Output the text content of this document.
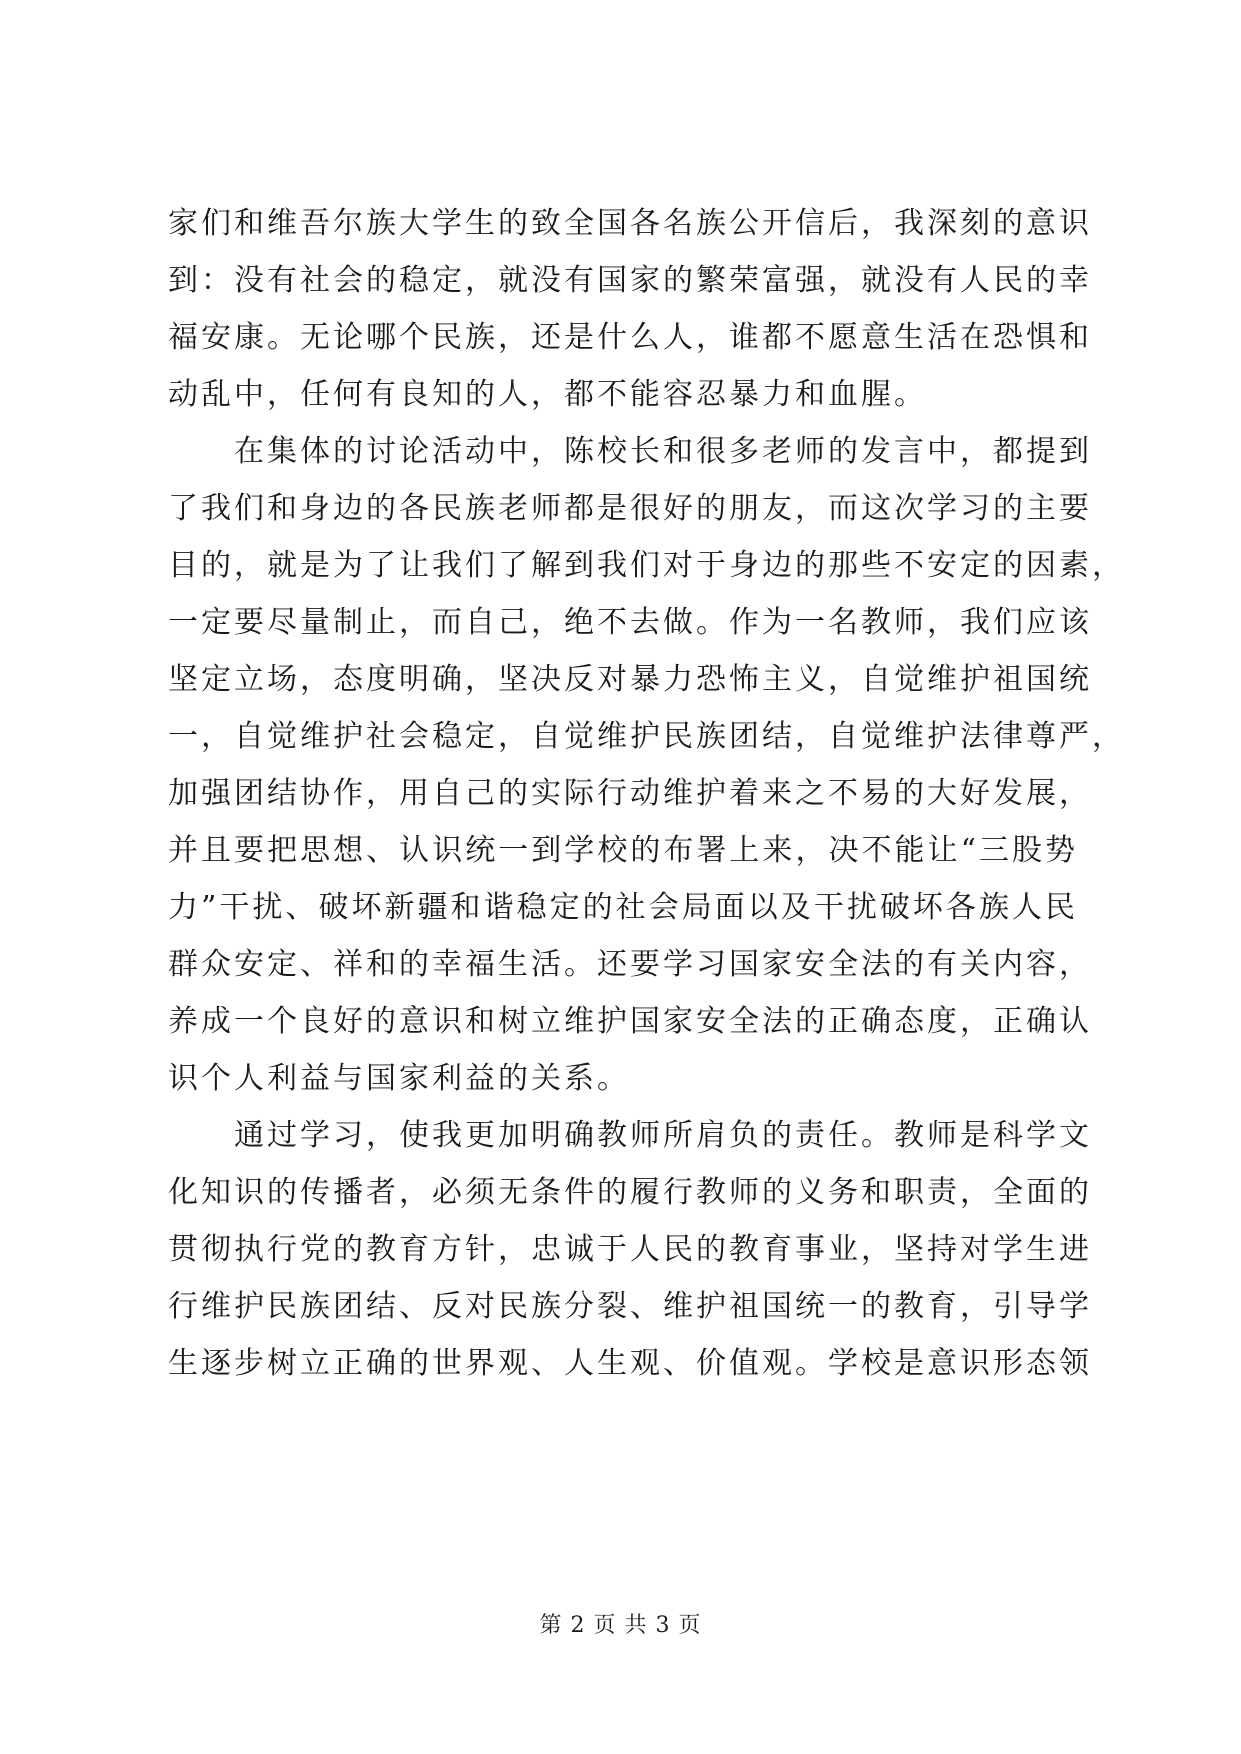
家们和维吾尔族大学生的致全国各名族公开信后，我深刻的意识
到：没有社会的稳定，就没有国家的繁荣富强，就没有人民的幸
福安康。无论哪个民族，还是什么人，谁都不愿意生活在恐惧和
动乱中，任何有良知的人，都不能容忍暴力和血腥。
　　在集体的讨论活动中，陈校长和很多老师的发言中，都提到
了我们和身边的各民族老师都是很好的朋友，而这次学习的主要
目的，就是为了让我们了解到我们对于身边的那些不安定的因素，
一定要尽量制止，而自己，绝不去做。作为一名教师，我们应该
坚定立场，态度明确，坚决反对暴力恐怖主义，自觉维护祖国统
一，自觉维护社会稳定，自觉维护民族团结，自觉维护法律尊严，
加强团结协作，用自己的实际行动维护着来之不易的大好发展，
并且要把思想、认识统一到学校的布署上来，决不能让“三股势
力”干扰、破坏新疆和谐稳定的社会局面以及干扰破坏各族人民
群众安定、祥和的幸福生活。还要学习国家安全法的有关内容，
养成一个良好的意识和树立维护国家安全法的正确态度，正确认
识个人利益与国家利益的关系。
　　通过学习，使我更加明确教师所肩负的责任。教师是科学文
化知识的传播者，必须无条件的履行教师的义务和职责，全面的
贯彻执行党的教育方针，忠诚于人民的教育事业，坚持对学生进
行维护民族团结、反对民族分裂、维护祖国统一的教育，引导学
生逐步树立正确的世界观、人生观、价值观。学校是意识形态领
第 2 页 共 3 页
